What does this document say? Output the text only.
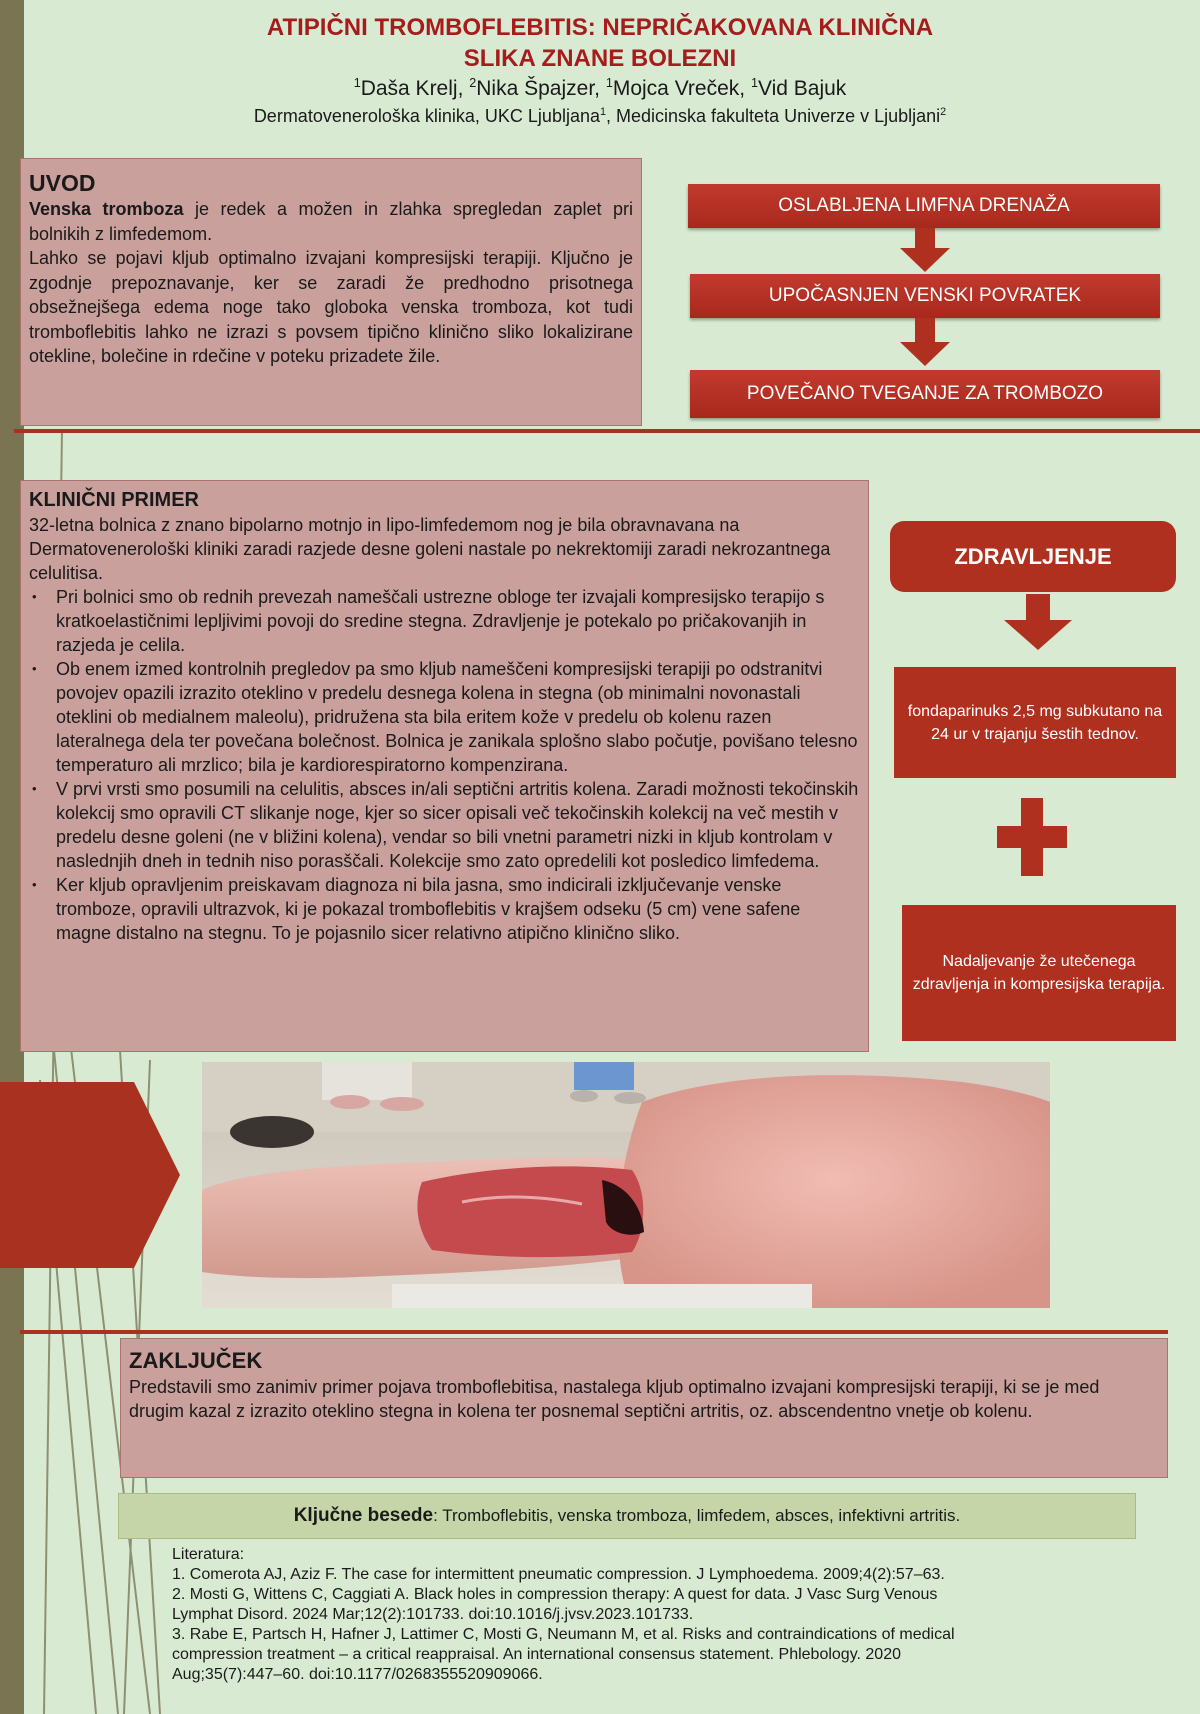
ATIPIČNI TROMBOFLEBITIS: NEPRIČAKOVANA KLINIČNA
SLIKA ZNANE BOLEZNI

$^1$Daša Krelj, $^2$Nika Špajzer, $^1$Mojca Vreček, $^1$Vid Bajuk

Dermatovenerološka klinika, UKC Ljubljana$^1$, Medicinska fakulteta Univerze v Ljubljani$^2$

UVOD

Venska tromboza je redek a možen in zlahka spregledan zaplet pri bolnikih z limfedemom.

Lahko se pojavi kljub optimalno izvajani kompresijski terapiji. Ključno je zgodnje prepoznavanje, ker se zaradi že predhodno prisotnega obsežnejšega edema noge tako globoka venska tromboza, kot tudi tromboflebitis lahko ne izrazi s povsem tipično klinično sliko lokalizirane otekline, bolečine in rdečine v poteku prizadete žile.

OSLABLJENA LIMFNA DRENAŽA
UPOČASNJEN VENSKI POVRATEK
POVEČANO TVEGANJE ZA TROMBOZO
KLINIČNI PRIMER

32-letna bolnica z znano bipolarno motnjo in lipo-limfedemom nog je bila obravnavana na Dermatovenerološki kliniki zaradi razjede desne goleni nastale po nekrektomiji zaradi nekrozantnega celulitisa.

• Pri bolnici smo ob rednih prevezah nameščali ustrezne obloge ter izvajali kompresijsko terapijo s kratkoelastičnimi lepljivimi povoji do sredine stegna. Zdravljenje je potekalo po pričakovanjih in razjeda je celila.
• Ob enem izmed kontrolnih pregledov pa smo kljub nameščeni kompresijski terapiji po odstranitvi povojev opazili izrazito oteklino v predelu desnega kolena in stegna (ob minimalni novonastali oteklini ob medialnem maleolu), pridružena sta bila eritem kože v predelu ob kolenu razen lateralnega dela ter povečana bolečnost. Bolnica je zanikala splošno slabo počutje, povišano telesno temperaturo ali mrzlico; bila je kardiorespiratorno kompenzirana.
• V prvi vrsti smo posumili na celulitis, absces in/ali septični artritis kolena. Zaradi možnosti tekočinskih kolekcij smo opravili CT slikanje noge, kjer so sicer opisali več tekočinskih kolekcij na več mestih v predelu desne goleni (ne v bližini kolena), vendar so bili vnetni parametri nizki in kljub kontrolam v naslednjih dneh in tednih niso porasščali. Kolekcije smo zato opredelili kot posledico limfedema.
• Ker kljub opravljenim preiskavam diagnoza ni bila jasna, smo indicirali izključevanje venske tromboze, opravili ultrazvok, ki je pokazal tromboflebitis v krajšem odseku (5 cm) vene safene magne distalno na stegnu. To je pojasnilo sicer relativno atipično klinično sliko.
ZDRAVLJENJE
fondaparinuks 2,5 mg subkutano na 24 ur v trajanju šestih tednov.
Nadaljevanje že utečenega zdravljenja in kompresijska terapija.
ZAKLJUČEK

Predstavili smo zanimiv primer pojava tromboflebitisa, nastalega kljub optimalno izvajani kompresijski terapiji, ki se je med drugim kazal z izrazito oteklino stegna in kolena ter posnemal septični artritis, oz. abscendentno vnetje ob kolenu.

Ključne besede: Tromboflebitis, venska tromboza, limfedem, absces, infektivni artritis.

Literatura:

1. Comerota AJ, Aziz F. The case for intermittent pneumatic compression. J Lymphoedema. 2009;4(2):57–63.

2. Mosti G, Wittens C, Caggiati A. Black holes in compression therapy: A quest for data. J Vasc Surg Venous Lymphat Disord. 2024 Mar;12(2):101733. doi:10.1016/j.jvsv.2023.101733.

3. Rabe E, Partsch H, Hafner J, Lattimer C, Mosti G, Neumann M, et al. Risks and contraindications of medical compression treatment – a critical reappraisal. An international consensus statement. Phlebology. 2020 Aug;35(7):447–60. doi:10.1177/0268355520909066.
